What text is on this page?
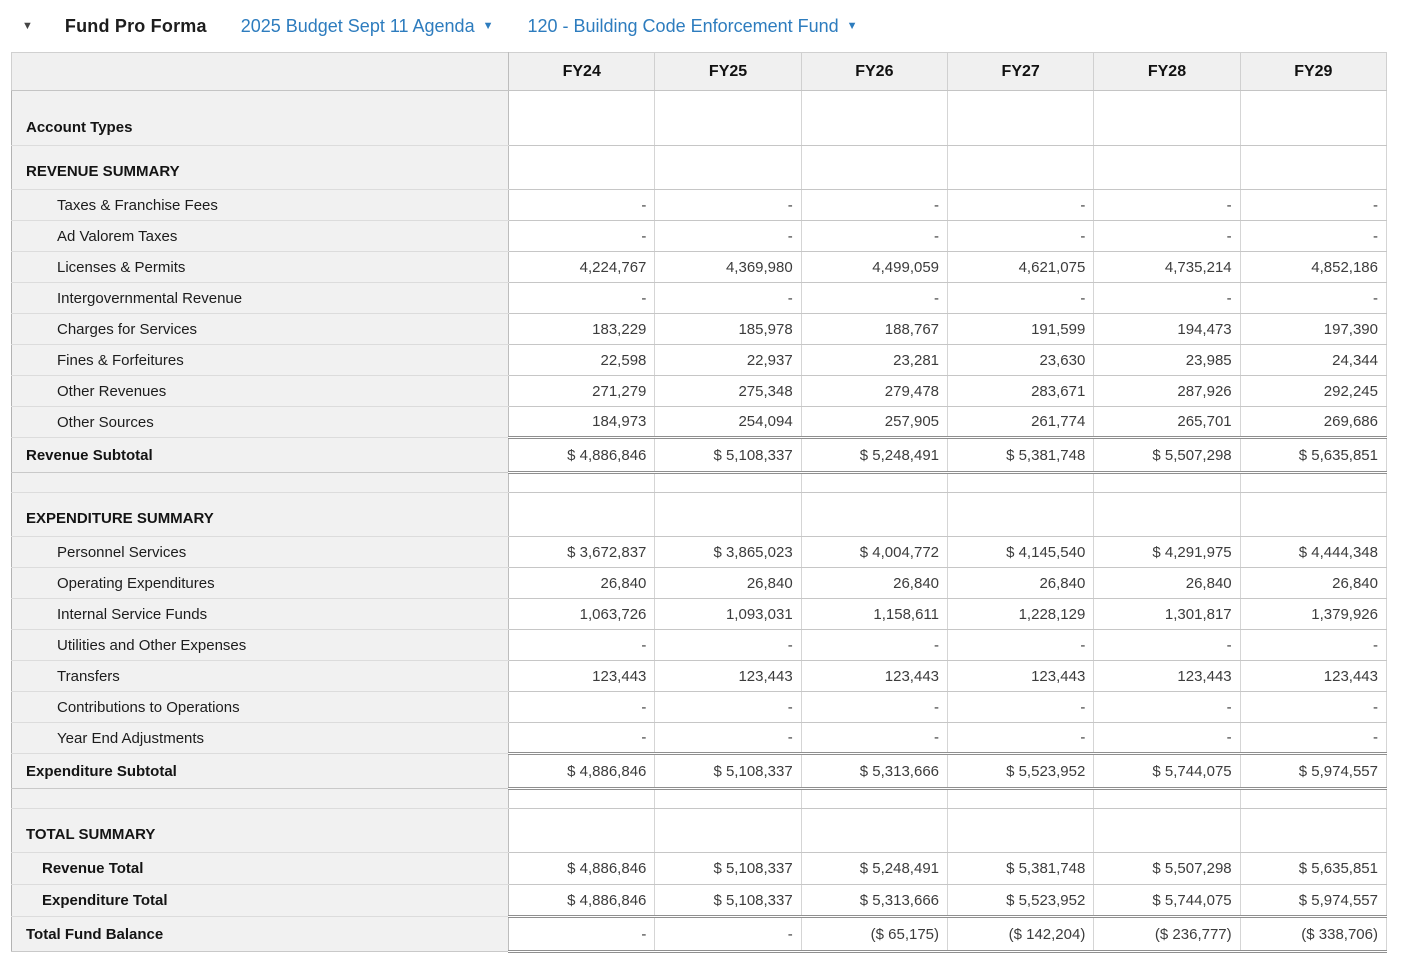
▼ Fund Pro Forma 2025 Budget Sept 11 Agenda ▼ 120 - Building Code Enforcement Fund ▼
	FY24	FY25	FY26	FY27	FY28	FY29
Account Types						
REVENUE SUMMARY						
Taxes & Franchise Fees	-	-	-	-	-	-
Ad Valorem Taxes	-	-	-	-	-	-
Licenses & Permits	4,224,767	4,369,980	4,499,059	4,621,075	4,735,214	4,852,186
Intergovernmental Revenue	-	-	-	-	-	-
Charges for Services	183,229	185,978	188,767	191,599	194,473	197,390
Fines & Forfeitures	22,598	22,937	23,281	23,630	23,985	24,344
Other Revenues	271,279	275,348	279,478	283,671	287,926	292,245
Other Sources	184,973	254,094	257,905	261,774	265,701	269,686
Revenue Subtotal	$ 4,886,846	$ 5,108,337	$ 5,248,491	$ 5,381,748	$ 5,507,298	$ 5,635,851

EXPENDITURE SUMMARY						
Personnel Services	$ 3,672,837	$ 3,865,023	$ 4,004,772	$ 4,145,540	$ 4,291,975	$ 4,444,348
Operating Expenditures	26,840	26,840	26,840	26,840	26,840	26,840
Internal Service Funds	1,063,726	1,093,031	1,158,611	1,228,129	1,301,817	1,379,926
Utilities and Other Expenses	-	-	-	-	-	-
Transfers	123,443	123,443	123,443	123,443	123,443	123,443
Contributions to Operations	-	-	-	-	-	-
Year End Adjustments	-	-	-	-	-	-
Expenditure Subtotal	$ 4,886,846	$ 5,108,337	$ 5,313,666	$ 5,523,952	$ 5,744,075	$ 5,974,557

TOTAL SUMMARY						
Revenue Total	$ 4,886,846	$ 5,108,337	$ 5,248,491	$ 5,381,748	$ 5,507,298	$ 5,635,851
Expenditure Total	$ 4,886,846	$ 5,108,337	$ 5,313,666	$ 5,523,952	$ 5,744,075	$ 5,974,557
Total Fund Balance	-	-	($ 65,175)	($ 142,204)	($ 236,777)	($ 338,706)
